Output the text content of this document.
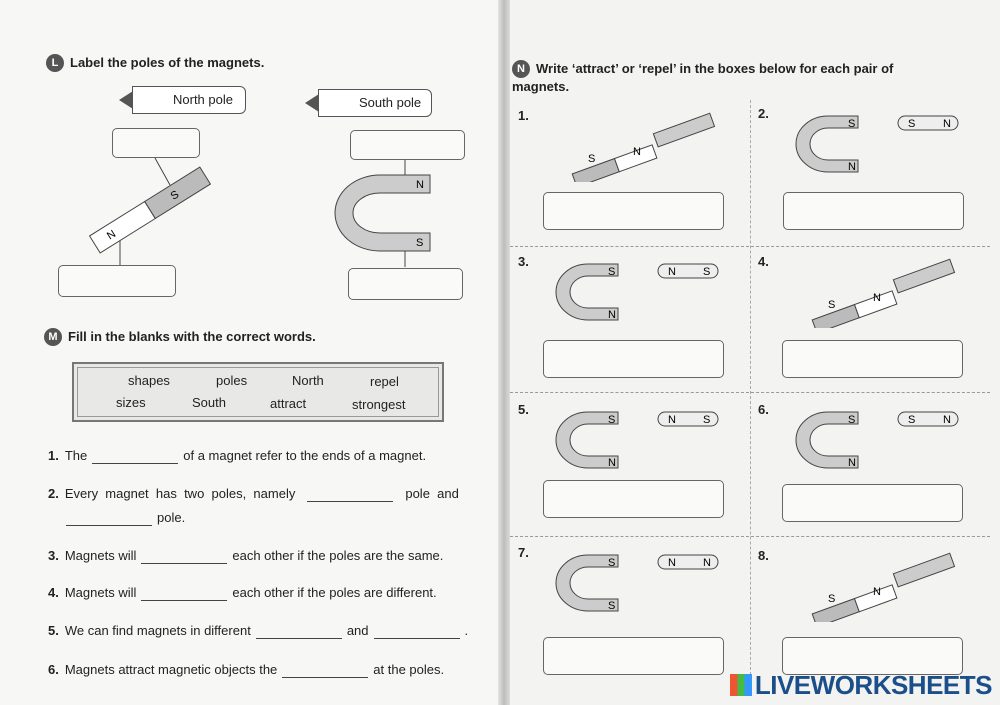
L Label the poles of the magnets.
North pole	South pole
S
N
N
S
M Fill in the blanks with the correct words.
shapes	poles	North	repel
sizes	South	attract	strongest
1. The	of a magnet refer to the ends of a magnet.
2. Every  magnet  has  two  poles,  namely	pole  and
pole.
3. Magnets will	each other if the poles are the same.
4. Magnets will	each other if the poles are different.
5. We can find magnets in different	and	.
6. Magnets attract magnetic objects the	at the poles.
N Write ‘attract’ or ‘repel’ in the boxes below for each pair of magnets.
1.
S
N
2.
S	S
N
N
3.
S	N
N
S
4.
S
N
5.
S	N
N
S
6.
S	S
N
N
7.
S	N
S
N	8.
S
N
LIVEWORKSHEETS
